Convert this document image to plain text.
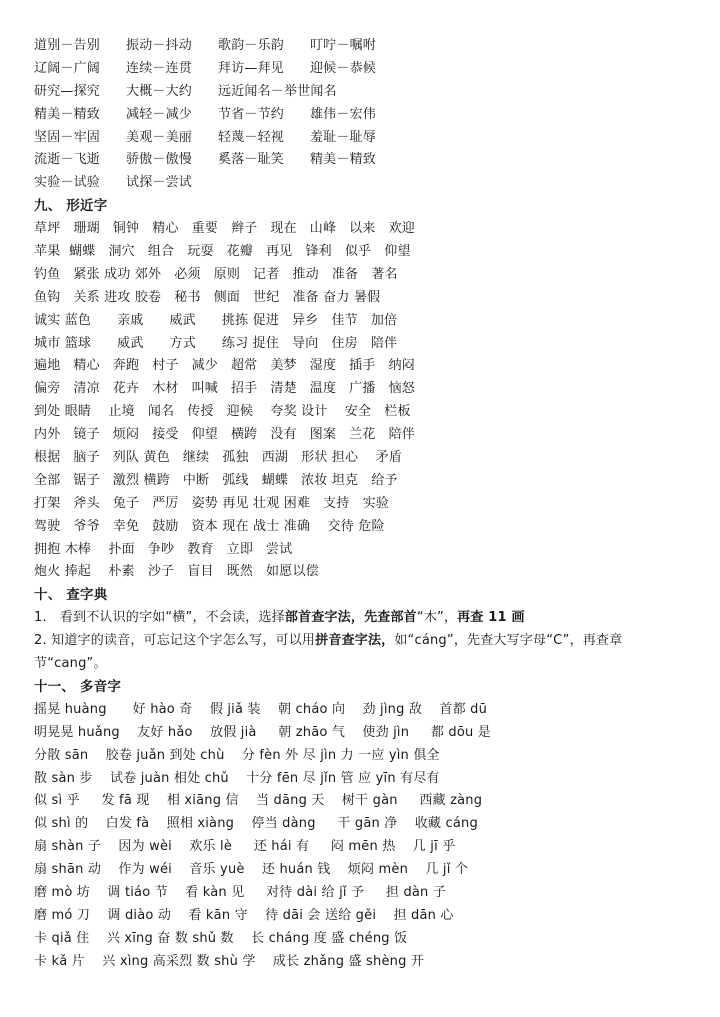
道别－告别      振动－抖动      歌韵－乐韵      叮咛－嘱咐
辽阔－广阔      连续－连贯      拜访—拜见      迎候－恭候
研究—探究      大概－大约      远近闻名－举世闻名
精美－精致      减轻－减少      节省－节约      雄伟－宏伟
坚固－牢固      美观－美丽      轻蔑－轻视      羞耻－耻辱
流逝－飞逝      骄傲－傲慢      奚落－耻笑      精美－精致
实验－试验      试探－尝试
九、 形近字
草坪   珊瑚   铜钟   精心   重要   辫子   现在   山峰   以来   欢迎
苹果  蝴蝶   洞穴   组合   玩耍   花瓣   再见   锋利   似乎   仰望
钓鱼   紧张 成功 郊外   必须   原则   记者   推动   准备   著名
鱼钩   关系 进攻 胶卷   秘书   侧面   世纪   准备 奋力 暑假
诚实 蓝色      亲戚      威武      挑拣 促进   异乡   佳节   加倍
城市 篮球      威武      方式      练习 捉住   导向   住房   陪伴
遍地   精心   奔跑   村子   减少   超常   美梦   湿度   插手   纳闷
偏旁   清凉   花卉   木材   叫喊   招手   清楚   温度   广播   恼怒
到处 眼睛    止境   闻名   传授   迎候    夸奖 设计    安全   栏板
内外   镜子   烦闷   接受   仰望   横跨   没有   图案   兰花   陪伴
根据   脑子   列队 黄色   继续   孤独   西湖   形状 担心    矛盾
全部   锯子   激烈 横跨   中断   弧线   蝴蝶   浓妆 坦克   给予
打架   斧头   兔子   严厉   姿势 再见 壮观 困难   支持   实验
驾驶   爷爷   幸免   鼓励   资本 现在 战士 准确    交待 危险
拥抱 木棒    扑面   争吵   教育   立即   尝试
炮火 捧起    朴素   沙子   盲目   既然   如愿以偿
十、 查字典
1.   看到不认识的字如“横”，不会读，选择部首查字法，先查部首“木”，再查 11 画
2. 知道字的读音，可忘记这个字怎么写，可以用拼音查字法，如“cáng”，先查大写字母“C”，再查章节“cang”。
十一、 多音字
摇晃 huàng      好 hào 奇    假 jiǎ 装    朝 cháo 向    劲 jìng 敌    首都 dū
明晃晃 huǎng    友好 hǎo    放假 jià     朝 zhāo 气    使劲 jìn     都 dōu 是
分散 sān    胶卷 juǎn 到处 chù    分 fèn 外 尽 jìn 力 一应 yìn 俱全
散 sàn 步    试卷 juàn 相处 chǔ    十分 fēn 尽 jǐn 管 应 yīn 有尽有
似 sì 乎     发 fā 现    相 xiāng 信    当 dāng 天    树干 gàn     西藏 zàng
似 shì 的    白发 fà    照相 xiàng    停当 dàng     干 gān 净    收藏 cáng
扇 shàn 子    因为 wèi    欢乐 lè     还 hái 有     闷 mēn 热    几 jī 乎
扇 shān 动    作为 wéi    音乐 yuè    还 huán 钱    烦闷 mèn    几 jǐ 个
磨 mò 坊    调 tiáo 节    看 kàn 见     对待 dài 给 jǐ 予     担 dàn 子
磨 mó 刀    调 diào 动    看 kān 守    待 dāi 会 送给 gěi    担 dān 心
卡 qiǎ 住    兴 xīng 奋 数 shǔ 数    长 cháng 度 盛 chéng 饭
卡 kǎ 片    兴 xìng 高采烈 数 shù 学    成长 zhǎng 盛 shèng 开
